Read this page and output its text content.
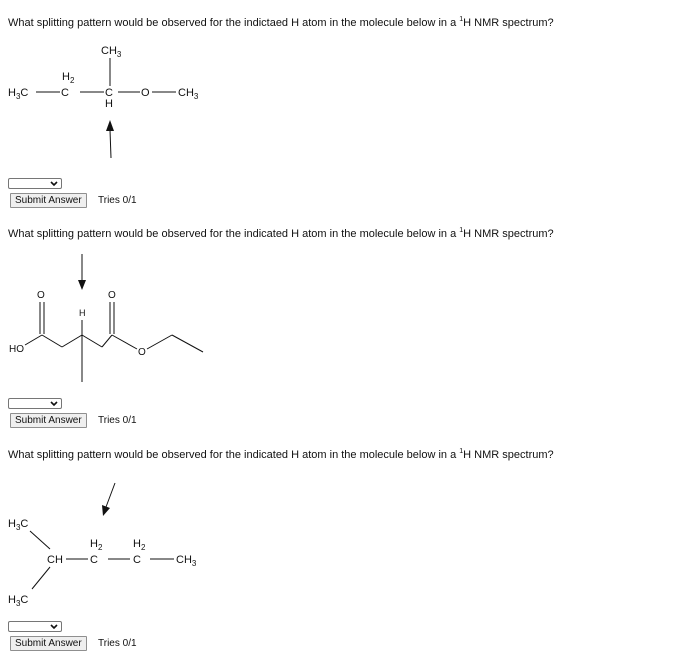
What splitting pattern would be observed for the indictaed H atom in the molecule below in a $^1$H NMR spectrum?
$CH_3$
$H_2$
$H_3C$	C	C	O	$CH_3$
H
Submit Answer	Tries 0/1
What splitting pattern would be observed for the indicated H atom in the molecule below in a $^1$H NMR spectrum?
HO
O
H
O
O
Submit Answer	Tries 0/1
What splitting pattern would be observed for the indicated H atom in the molecule below in a $^1$H NMR spectrum?
$H_3C$
CH
$H_2$
C
$H_2$
C	$CH_3$
$H_3C$
Submit Answer	Tries 0/1
